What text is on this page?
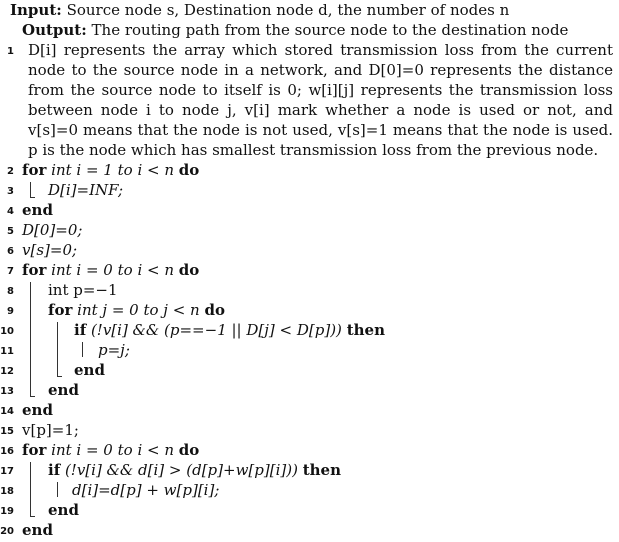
Input: Source node s, Destination node d, the number of nodes n
Output: The routing path from the source node to the destination node
1 D[i] represents the array which stored transmission loss from the current node to the source node in a network, and D[0]=0 represents the distance from the source node to itself is 0; w[i][j] represents the transmission loss between node i to node j, v[i] mark whether a node is used or not, and v[s]=0 means that the node is not used, v[s]=1 means that the node is used. p is the node which has smallest transmission loss from the previous node.
2 for int i = 1 to i < n do
3 D[i]=INF;
4 end
5 D[0]=0;
6 v[s]=0;
7 for int i = 0 to i < n do
8 int p=−1
9 for int j = 0 to j < n do
10	if (!v[i] && (p==−1 || D[j] < D[p])) then
11	p=j;
12	end
13 end
14 end
15 v[p]=1;
16 for int i = 0 to i < n do
17 if (!v[i] && d[i] > (d[p]+w[p][i])) then
18	d[i]=d[p] + w[p][i];
19 end
20 end
